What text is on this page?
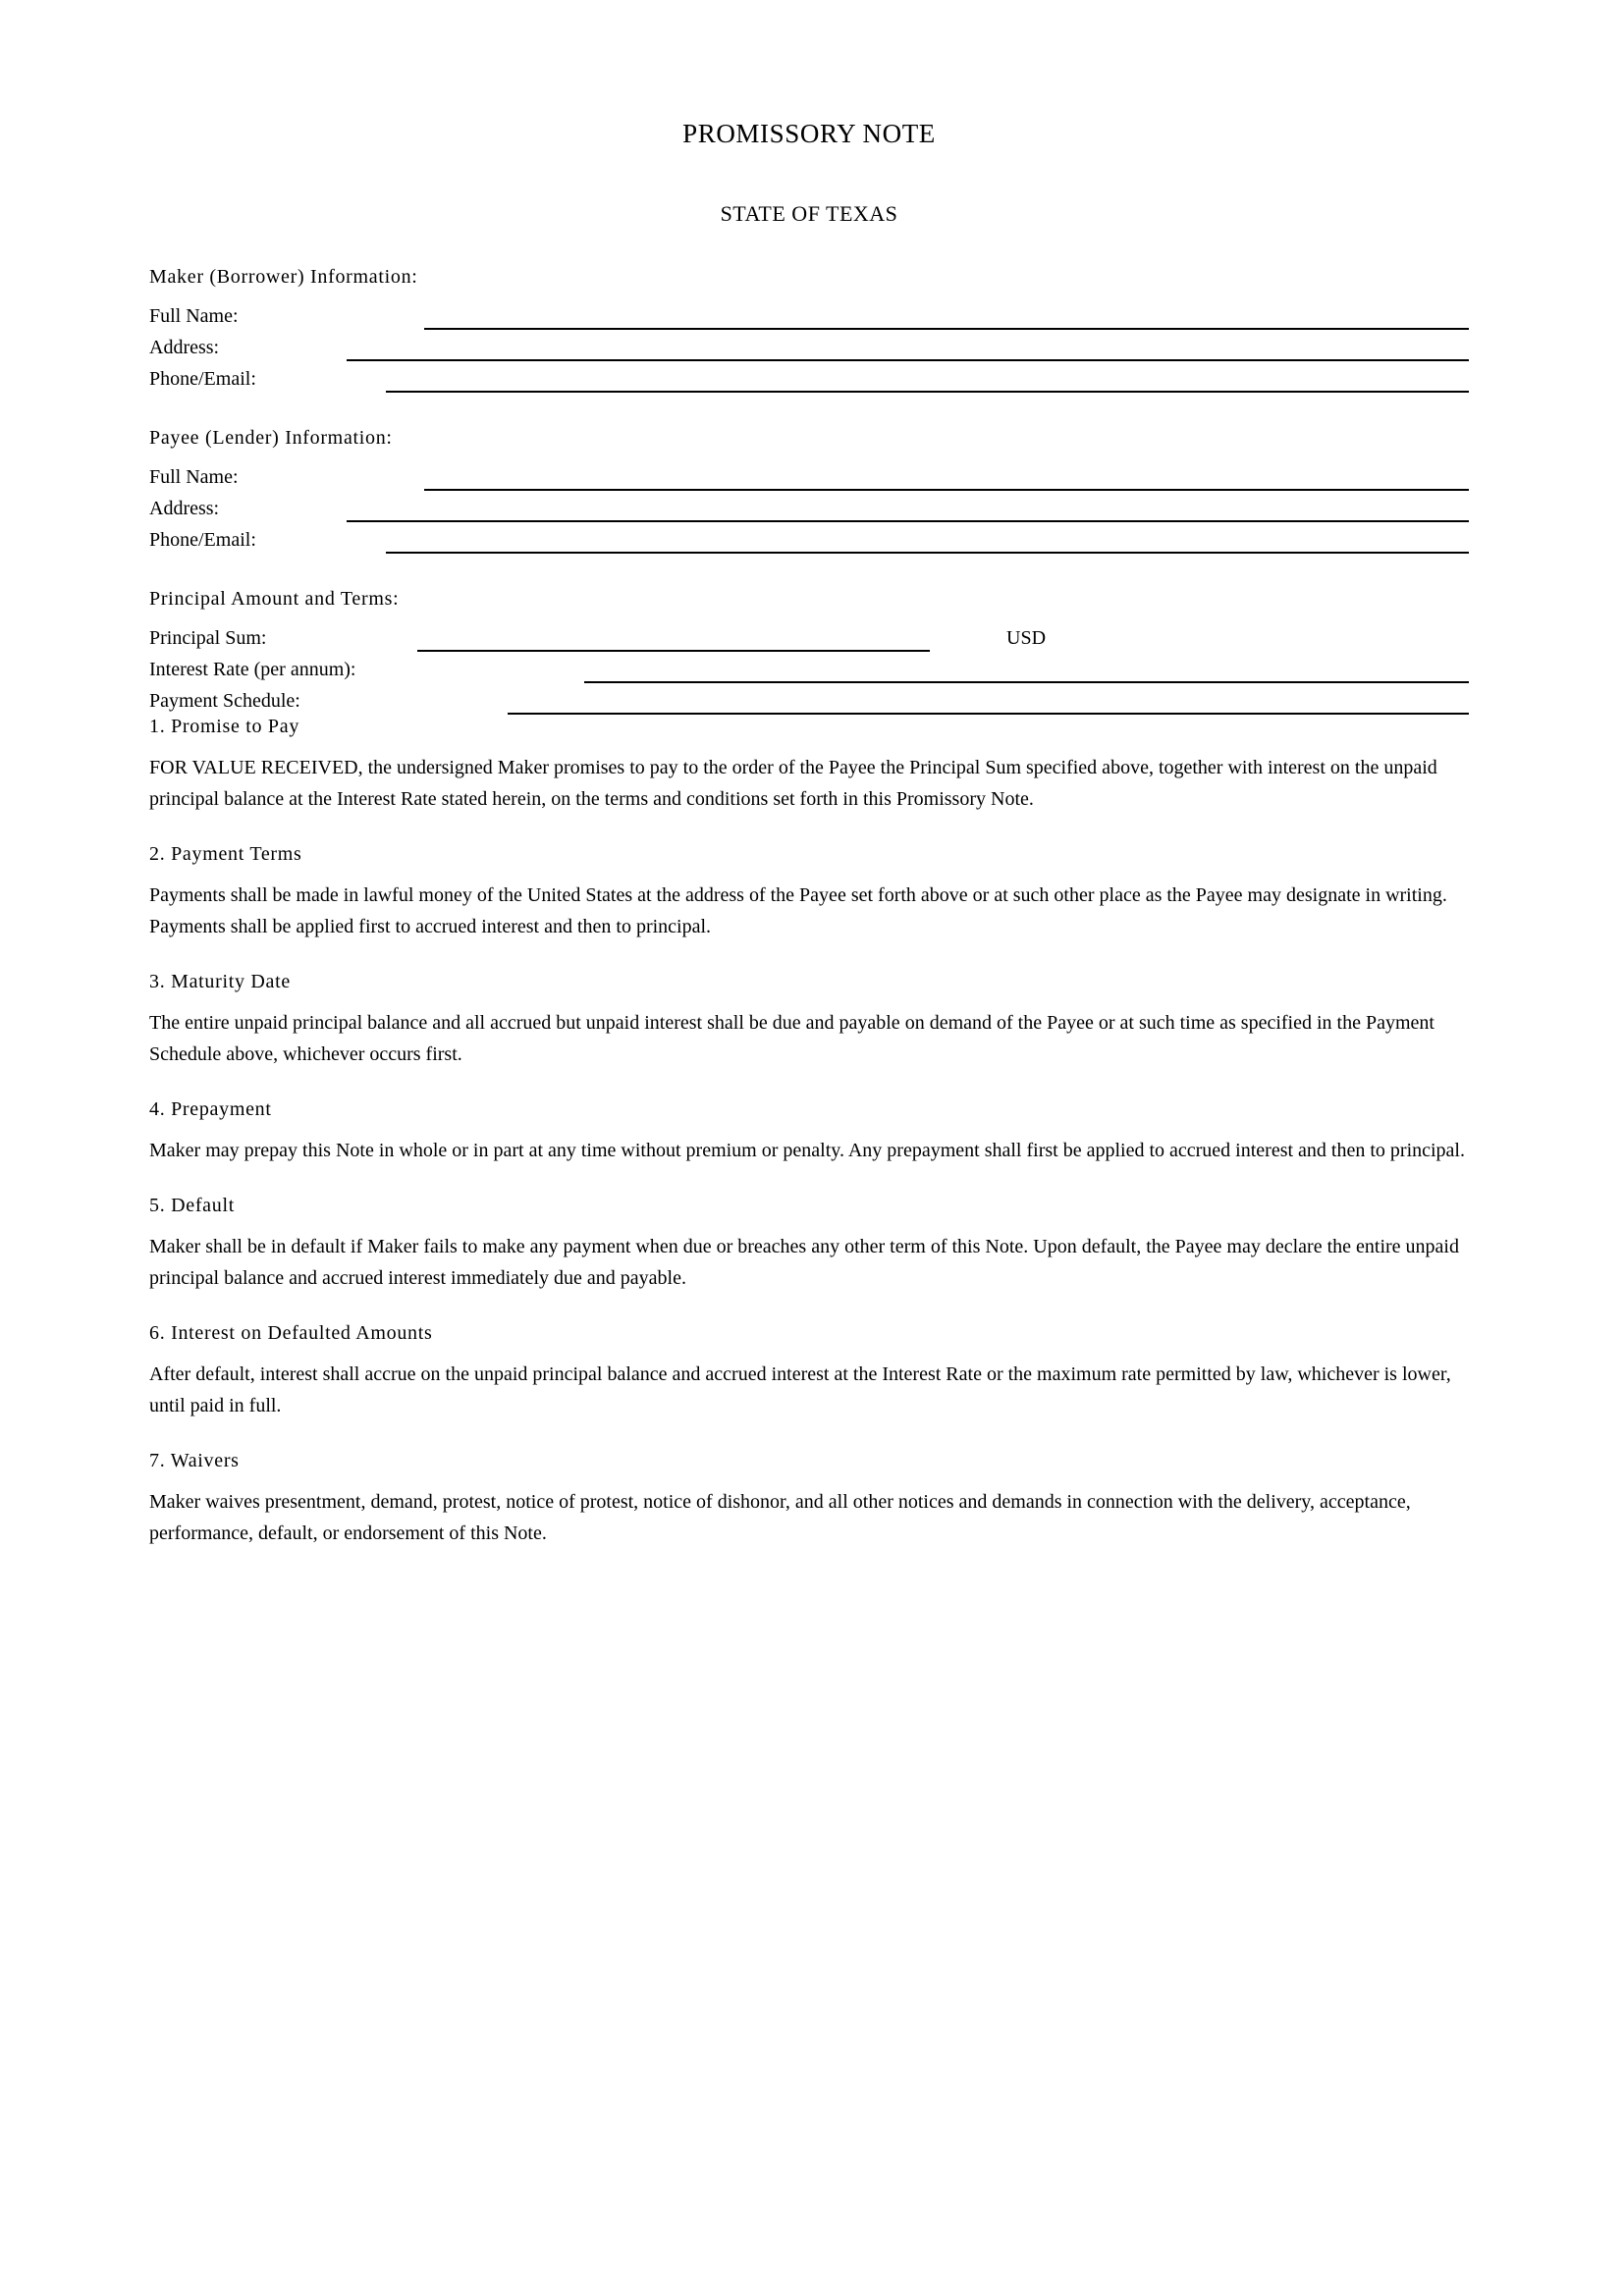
PROMISSORY NOTE
STATE OF TEXAS
Maker (Borrower) Information:
Full Name:
Address:
Phone/Email:
Payee (Lender) Information:
Full Name:
Address:
Phone/Email:
Principal Amount and Terms:
Principal Sum:	USD
Interest Rate (per annum):
Payment Schedule:
1. Promise to Pay

FOR VALUE RECEIVED, the undersigned Maker promises to pay to the order of the Payee the Principal Sum specified above, together with interest on the unpaid principal balance at the Interest Rate stated herein, on the terms and conditions set forth in this Promissory Note.

2. Payment Terms

Payments shall be made in lawful money of the United States at the address of the Payee set forth above or at such other place as the Payee may designate in writing. Payments shall be applied first to accrued interest and then to principal.

3. Maturity Date

The entire unpaid principal balance and all accrued but unpaid interest shall be due and payable on demand of the Payee or at such time as specified in the Payment Schedule above, whichever occurs first.

4. Prepayment

Maker may prepay this Note in whole or in part at any time without premium or penalty. Any prepayment shall first be applied to accrued interest and then to principal.

5. Default

Maker shall be in default if Maker fails to make any payment when due or breaches any other term of this Note. Upon default, the Payee may declare the entire unpaid principal balance and accrued interest immediately due and payable.

6. Interest on Defaulted Amounts

After default, interest shall accrue on the unpaid principal balance and accrued interest at the Interest Rate or the maximum rate permitted by law, whichever is lower, until paid in full.

7. Waivers

Maker waives presentment, demand, protest, notice of protest, notice of dishonor, and all other notices and demands in connection with the delivery, acceptance, performance, default, or endorsement of this Note.
